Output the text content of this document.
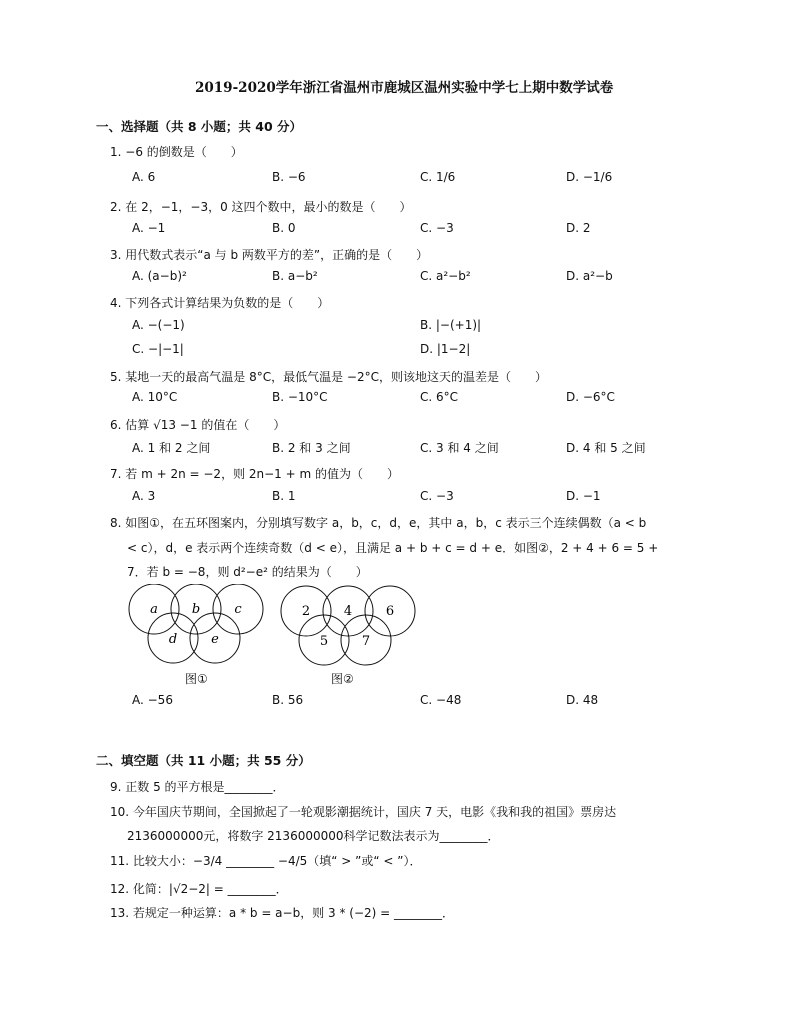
2019-2020学年浙江省温州市鹿城区温州实验中学七上期中数学试卷
一、选择题（共 8 小题；共 40 分）
1. −6 的倒数是（　　）
A. 6	B. −6	C. 1/6	D. −1/6
2. 在 2，−1，−3，0 这四个数中，最小的数是（　　）
A. −1	B. 0	C. −3	D. 2
3. 用代数式表示“a 与 b 两数平方的差”，正确的是（　　）
A. (a−b)²	B. a−b²	C. a²−b²	D. a²−b
4. 下列各式计算结果为负数的是（　　）
A. −(−1)	B. |−(+1)|
C. −|−1|	D. |1−2|
5. 某地一天的最高气温是 8°C，最低气温是 −2°C，则该地这天的温差是（　　）
A. 10°C	B. −10°C	C. 6°C	D. −6°C
6. 估算 √13 −1 的值在（　　）
A. 1 和 2 之间	B. 2 和 3 之间	C. 3 和 4 之间	D. 4 和 5 之间
7. 若 m + 2n = −2，则 2n−1 + m 的值为（　　）
A. 3	B. 1	C. −3	D. −1
8. 如图①，在五环图案内，分别填写数字 a，b，c，d，e，其中 a，b，c 表示三个连续偶数（a < b
< c），d，e 表示两个连续奇数（d < e），且满足 a + b + c = d + e．如图②，2 + 4 + 6 = 5 +
7．若 b = −8，则 d²−e² 的结果为（　　）
a	b	c
d	e
图①
2	4	6
5	7
图②
A. −56	B. 56	C. −48	D. 48
二、填空题（共 11 小题；共 55 分）
9. 正数 5 的平方根是________．
10. 今年国庆节期间，全国掀起了一轮观影潮据统计，国庆 7 天，电影《我和我的祖国》票房达
2136000000元，将数字 2136000000科学记数法表示为________．
11. 比较大小：−3/4 ________ −4/5（填“ > ”或“ < ”）．
12. 化简：|√2−2| = ________．
13. 若规定一种运算：a * b = a−b，则 3 * (−2) = ________．
